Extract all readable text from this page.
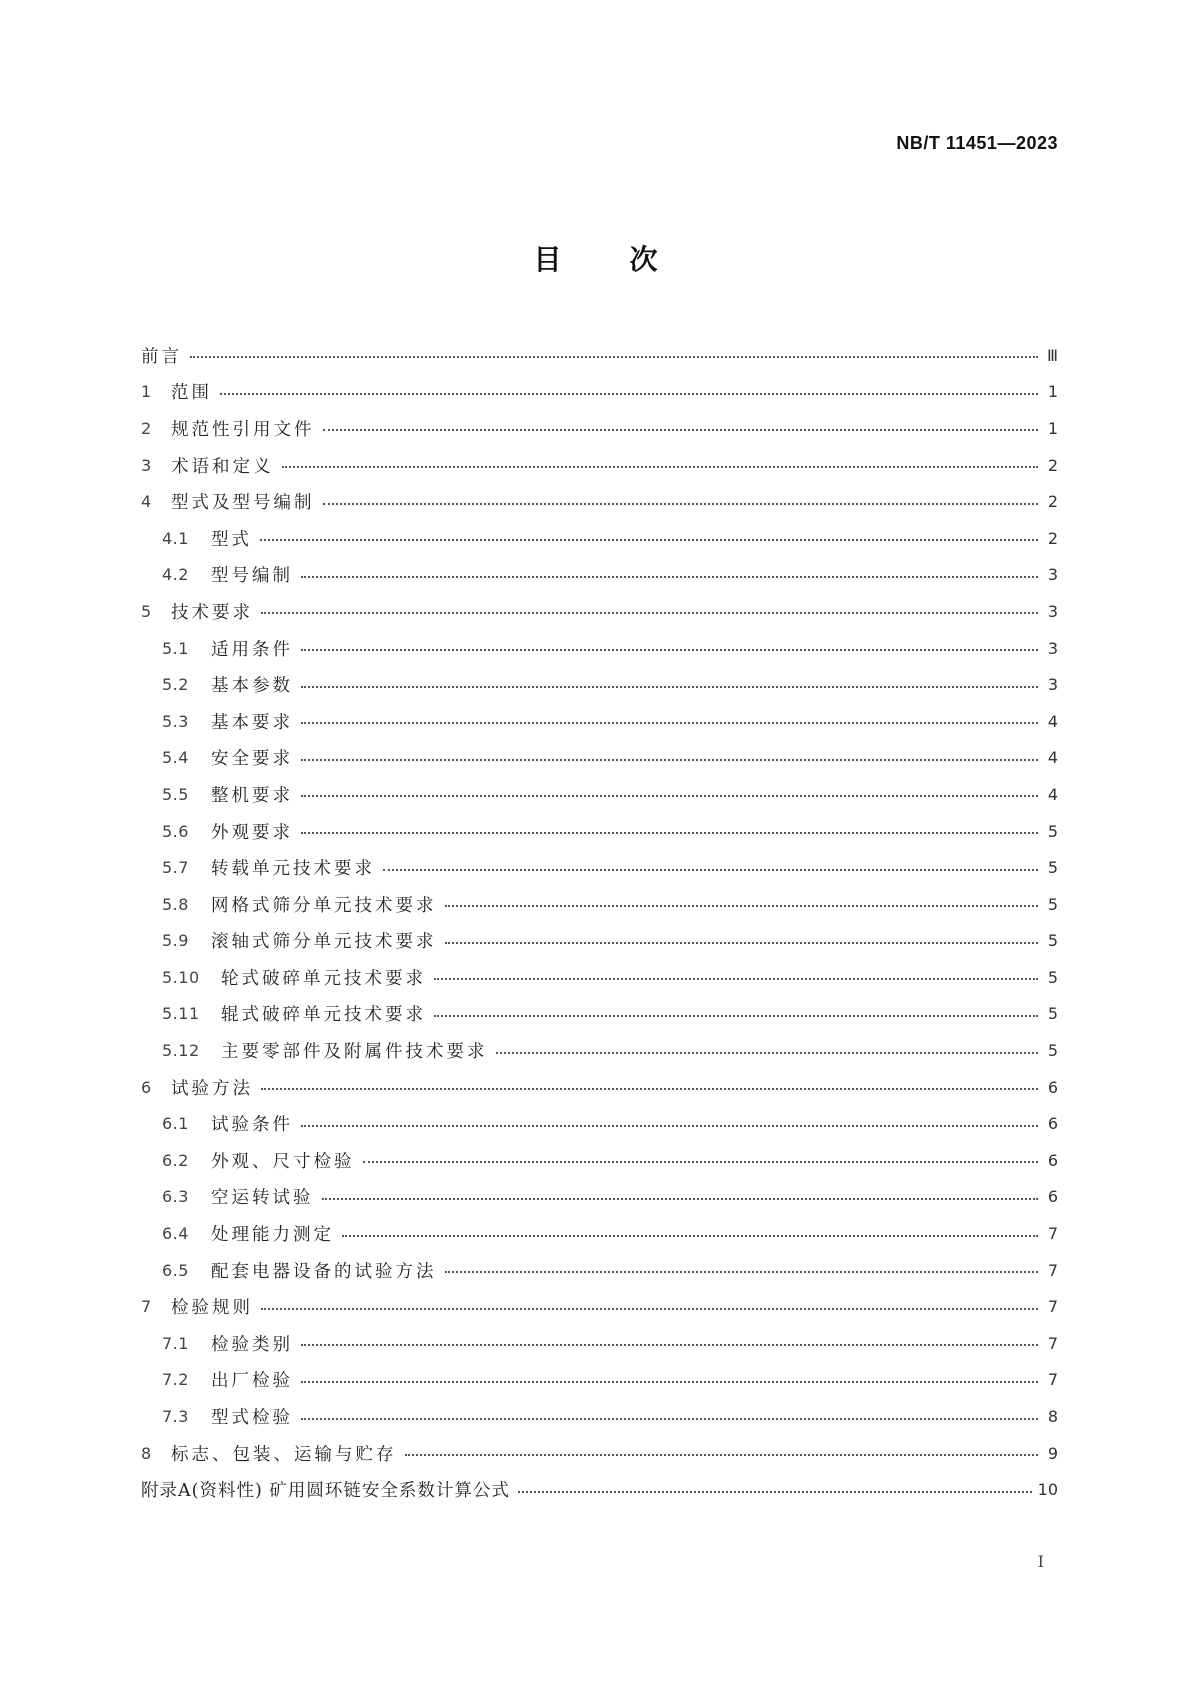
NB/T 11451—2023
目次
前言	Ⅲ
1	范围	1
2	规范性引用文件	1
3	术语和定义	2
4	型式及型号编制	2
4.1	型式	2
4.2	型号编制	3
5	技术要求	3
5.1	适用条件	3
5.2	基本参数	3
5.3	基本要求	4
5.4	安全要求	4
5.5	整机要求	4
5.6	外观要求	5
5.7	转载单元技术要求	5
5.8	网格式筛分单元技术要求	5
5.9	滚轴式筛分单元技术要求	5
5.10	轮式破碎单元技术要求	5
5.11	辊式破碎单元技术要求	5
5.12	主要零部件及附属件技术要求	5
6	试验方法	6
6.1	试验条件	6
6.2	外观、尺寸检验	6
6.3	空运转试验	6
6.4	处理能力测定	7
6.5	配套电器设备的试验方法	7
7	检验规则	7
7.1	检验类别	7
7.2	出厂检验	7
7.3	型式检验	8
8	标志、包装、运输与贮存	9
附录A(资料性) 矿用圆环链安全系数计算公式	10
I
